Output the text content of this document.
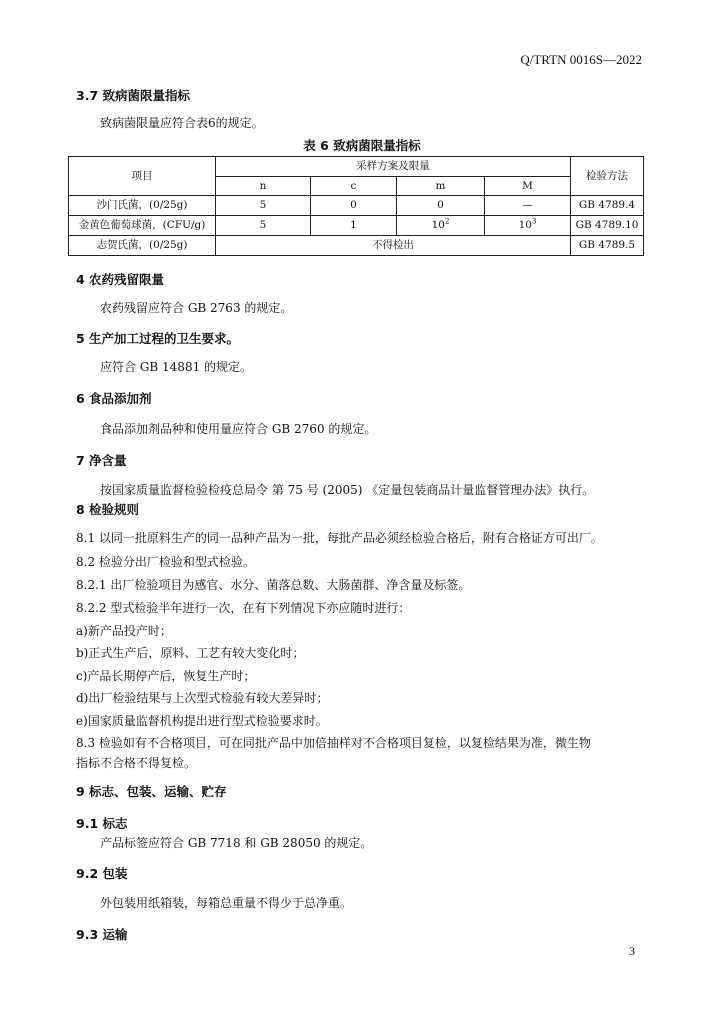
Q/TRTN 0016S—2022
3.7 致病菌限量指标
致病菌限量应符合表6的规定。
表 6 致病菌限量指标
项目	采样方案及限量				检验方法
	n	c	m	M	
沙门氏菌，(0/25g)	5	0	0	—	GB 4789.4
金黄色葡萄球菌，(CFU/g)	5	1	$10^2$	$10^3$	GB 4789.10
志贺氏菌，(0/25g)	不得检出				GB 4789.5
4 农药残留限量
农药残留应符合 GB 2763 的规定。
5 生产加工过程的卫生要求。
应符合 GB 14881 的规定。
6 食品添加剂
食品添加剂品种和使用量应符合 GB 2760 的规定。
7 净含量
按国家质量监督检验检疫总局令 第 75 号 (2005) 《定量包装商品计量监督管理办法》执行。
8 检验规则
8.1 以同一批原料生产的同一品种产品为一批，每批产品必须经检验合格后，附有合格证方可出厂。
8.2 检验分出厂检验和型式检验。
8.2.1 出厂检验项目为感官、水分、菌落总数、大肠菌群、净含量及标签。
8.2.2 型式检验半年进行一次，在有下列情况下亦应随时进行：
a)新产品投产时；
b)正式生产后，原料、工艺有较大变化时；
c)产品长期停产后，恢复生产时；
d)出厂检验结果与上次型式检验有较大差异时；
e)国家质量监督机构提出进行型式检验要求时。
8.3 检验如有不合格项目，可在同批产品中加倍抽样对不合格项目复检，以复检结果为准，微生物
指标不合格不得复检。
9 标志、包装、运输、贮存
9.1 标志
产品标签应符合 GB 7718 和 GB 28050 的规定。
9.2 包装
外包装用纸箱装，每箱总重量不得少于总净重。
9.3 运输
3
